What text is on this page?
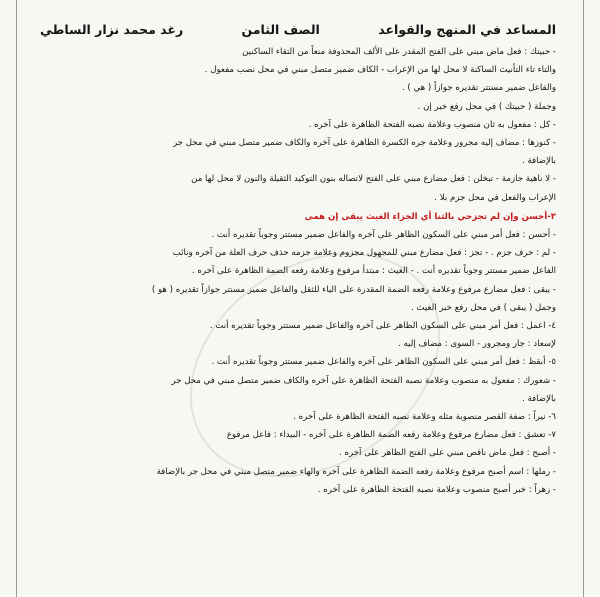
المساعد في المنهج والقواعد
الصف الثامن
رغد محمد نزار الساطي

- حبيتك : فعل ماض مبني على الفتح المقدر على الألف المحذوفة منعاً من التقاء الساكنين

والتاء تاء التأنيث الساكنة لا محل لها من الإعراب - الكاف ضمير متصل مبني في محل نصب مفعول .

والفاعل ضمير مستتر تقديره جوازاً ( هي ) .

وجملة ( حبيتك ) في محل رفع خبر إن .

- كل : مفعول به ثان منصوب وعلامة نصبه الفتحة الظاهرة على آخره .

- كنوزها : مضاف إليه مجرور وعلامة جره الكسرة الظاهرة على آخره والكاف ضمير متصل مبني في محل جر

بالإضافة .

- لا ناهية جازمة - تبخلن : فعل مضارع مبني على الفتح لاتصاله بنون التوكيد الثقيلة والنون لا محل لها من

الإعراب والفعل في محل جزم بلا .

٣-أحسن وإن لم تجزحي بالثنا أي الجزاء الغيث يبقى إن همى

- أحسن : فعل أمر مبني على السكون الظاهر على آخره والفاعل ضمير مستتر وجوباً تقديره أنت .

- لم : حرف جزم . - تجز : فعل مضارع مبني للمجهول مجزوم وعلامة جزمه حذف حرف العلة من آخره ونائب

الفاعل ضمير مستتر وجوباً تقديره أنت . - الغيث : مبتدأ مرفوع وعلامة رفعه الضمة الظاهرة على آخره .

- يبقى : فعل مضارع مرفوع وعلامة رفعه الضمة المقدرة على الياء للثقل والفاعل ضمير مستتر جوازاً تقديره ( هو )

وجمل ( يبقى ) في محل رفع خبر الغيث .

٤- اعمل : فعل أمر مبني على السكون الظاهر على آخره والفاعل ضمير مستتر وجوباً تقديره أنت .

لإسعاد : جار ومجرور - السوى : مضاف إليه .

٥- أبقظ : فعل أمر مبني على السكون الظاهر على آخره والفاعل ضمير مستتر وجوباً تقديره أنت .

- شعورك : مفعول به منصوب وعلامة نصبه الفتحة الظاهرة على آخره والكاف ضمير متصل مبني في محل جر

بالإضافة .

٦- نيراً : صفة القصر منصوبة مثله وعلامة نصبه الفتحة الظاهرة على آخره .

٧- تعشق : فعل مضارع مرفوع وعلامة رفعه الضمة الظاهرة على آخره - البيداء : فاعل مرفوع

- أصبح : فعل ماض ناقص مبني على الفتح الظاهر على آخره .

- رملها : اسم أصبح مرفوع وعلامة رفعه الضمة الظاهرة على آخره والهاء ضمير متصل مبني في محل جر بالإضافة

- زهراً : خبر أصبح منصوب وعلامة نصبه الفتحة الظاهرة على آخره .
